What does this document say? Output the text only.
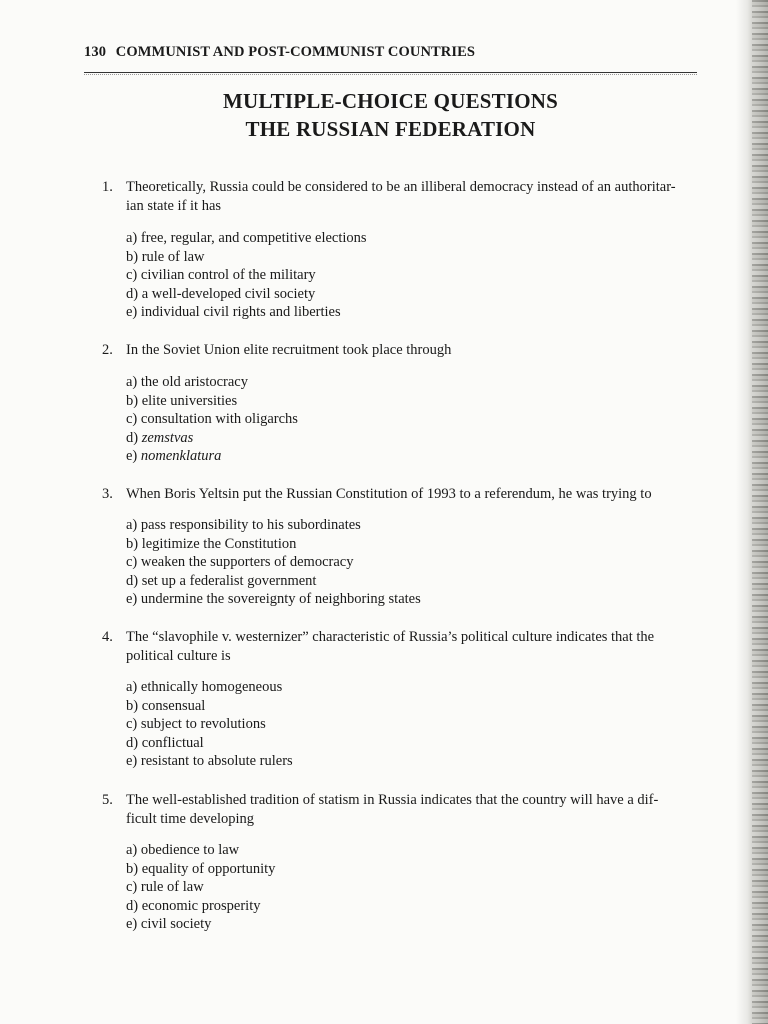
130 COMMUNIST AND POST-COMMUNIST COUNTRIES
MULTIPLE-CHOICE QUESTIONS
THE RUSSIAN FEDERATION
1. Theoretically, Russia could be considered to be an illiberal democracy instead of an authoritar-
ian state if it has
a) free, regular, and competitive elections
b) rule of law
c) civilian control of the military
d) a well-developed civil society
e) individual civil rights and liberties
2. In the Soviet Union elite recruitment took place through
a) the old aristocracy
b) elite universities
c) consultation with oligarchs
d) zemstvas
e) nomenklatura
3. When Boris Yeltsin put the Russian Constitution of 1993 to a referendum, he was trying to
a) pass responsibility to his subordinates
b) legitimize the Constitution
c) weaken the supporters of democracy
d) set up a federalist government
e) undermine the sovereignty of neighboring states
4. The “slavophile v. westernizer” characteristic of Russia’s political culture indicates that the
political culture is
a) ethnically homogeneous
b) consensual
c) subject to revolutions
d) conflictual
e) resistant to absolute rulers
5. The well-established tradition of statism in Russia indicates that the country will have a dif-
ficult time developing
a) obedience to law
b) equality of opportunity
c) rule of law
d) economic prosperity
e) civil society
